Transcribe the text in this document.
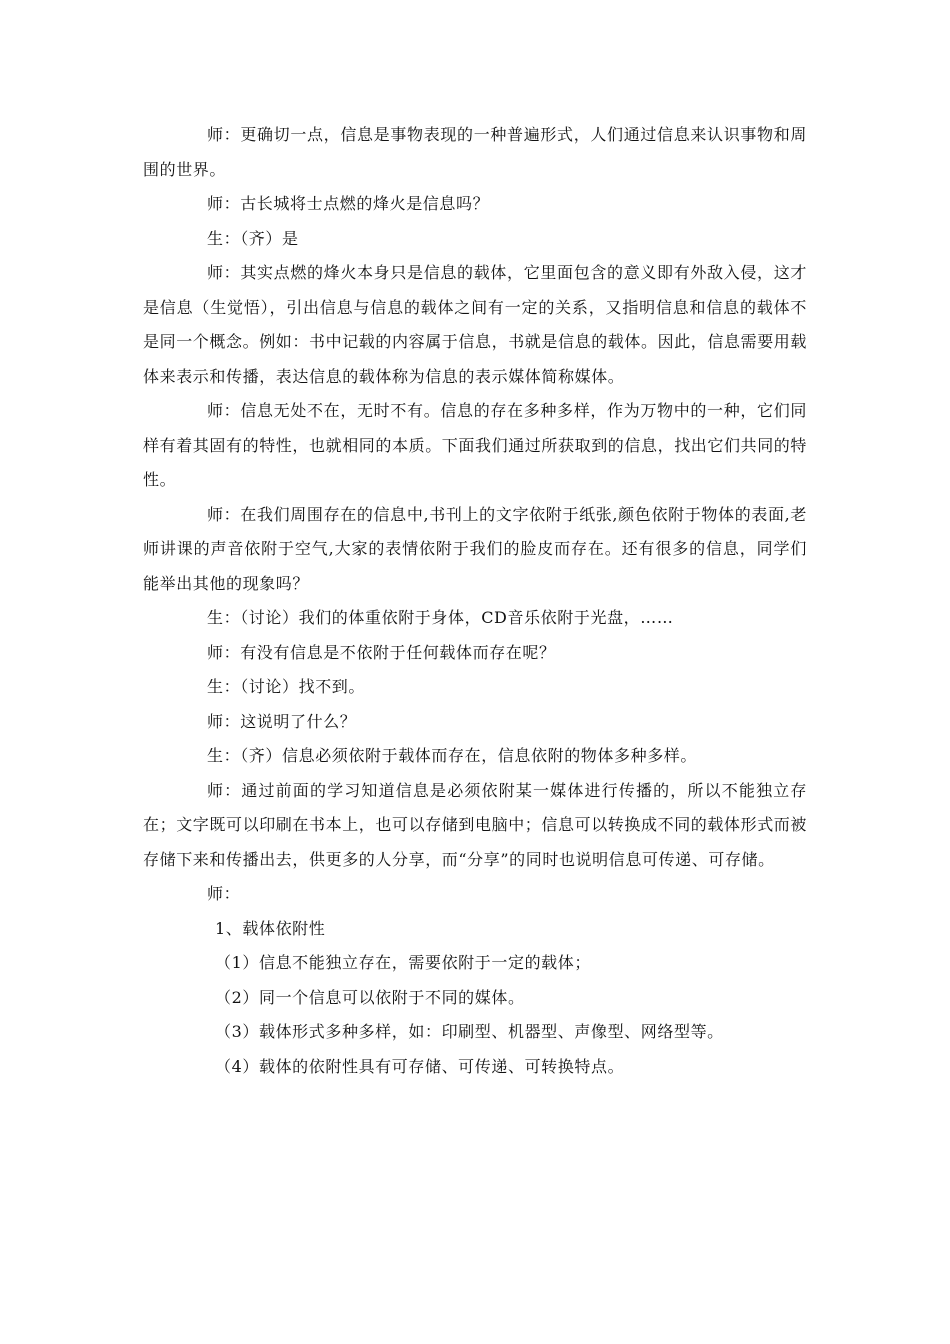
师：更确切一点，信息是事物表现的一种普遍形式，人们通过信息来认识事物和周围的世界。

师：古长城将士点燃的烽火是信息吗？

生：（齐）是

师：其实点燃的烽火本身只是信息的载体，它里面包含的意义即有外敌入侵，这才是信息（生觉悟），引出信息与信息的载体之间有一定的关系，又指明信息和信息的载体不是同一个概念。例如：书中记载的内容属于信息，书就是信息的载体。因此，信息需要用载体来表示和传播，表达信息的载体称为信息的表示媒体简称媒体。

师：信息无处不在，无时不有。信息的存在多种多样，作为万物中的一种，它们同样有着其固有的特性，也就相同的本质。下面我们通过所获取到的信息，找出它们共同的特性。

师：在我们周围存在的信息中,书刊上的文字依附于纸张,颜色依附于物体的表面,老师讲课的声音依附于空气,大家的表情依附于我们的脸皮而存在。还有很多的信息，同学们能举出其他的现象吗？

生：（讨论）我们的体重依附于身体，CD音乐依附于光盘，……

师：有没有信息是不依附于任何载体而存在呢？

生：（讨论）找不到。

师：这说明了什么？

生：（齐）信息必须依附于载体而存在，信息依附的物体多种多样。

师：通过前面的学习知道信息是必须依附某一媒体进行传播的，所以不能独立存在；文字既可以印刷在书本上，也可以存储到电脑中；信息可以转换成不同的载体形式而被存储下来和传播出去，供更多的人分享，而“分享”的同时也说明信息可传递、可存储。

师：

1、载体依附性

（1）信息不能独立存在，需要依附于一定的载体；

（2）同一个信息可以依附于不同的媒体。

（3）载体形式多种多样，如：印刷型、机器型、声像型、网络型等。

（4）载体的依附性具有可存储、可传递、可转换特点。
